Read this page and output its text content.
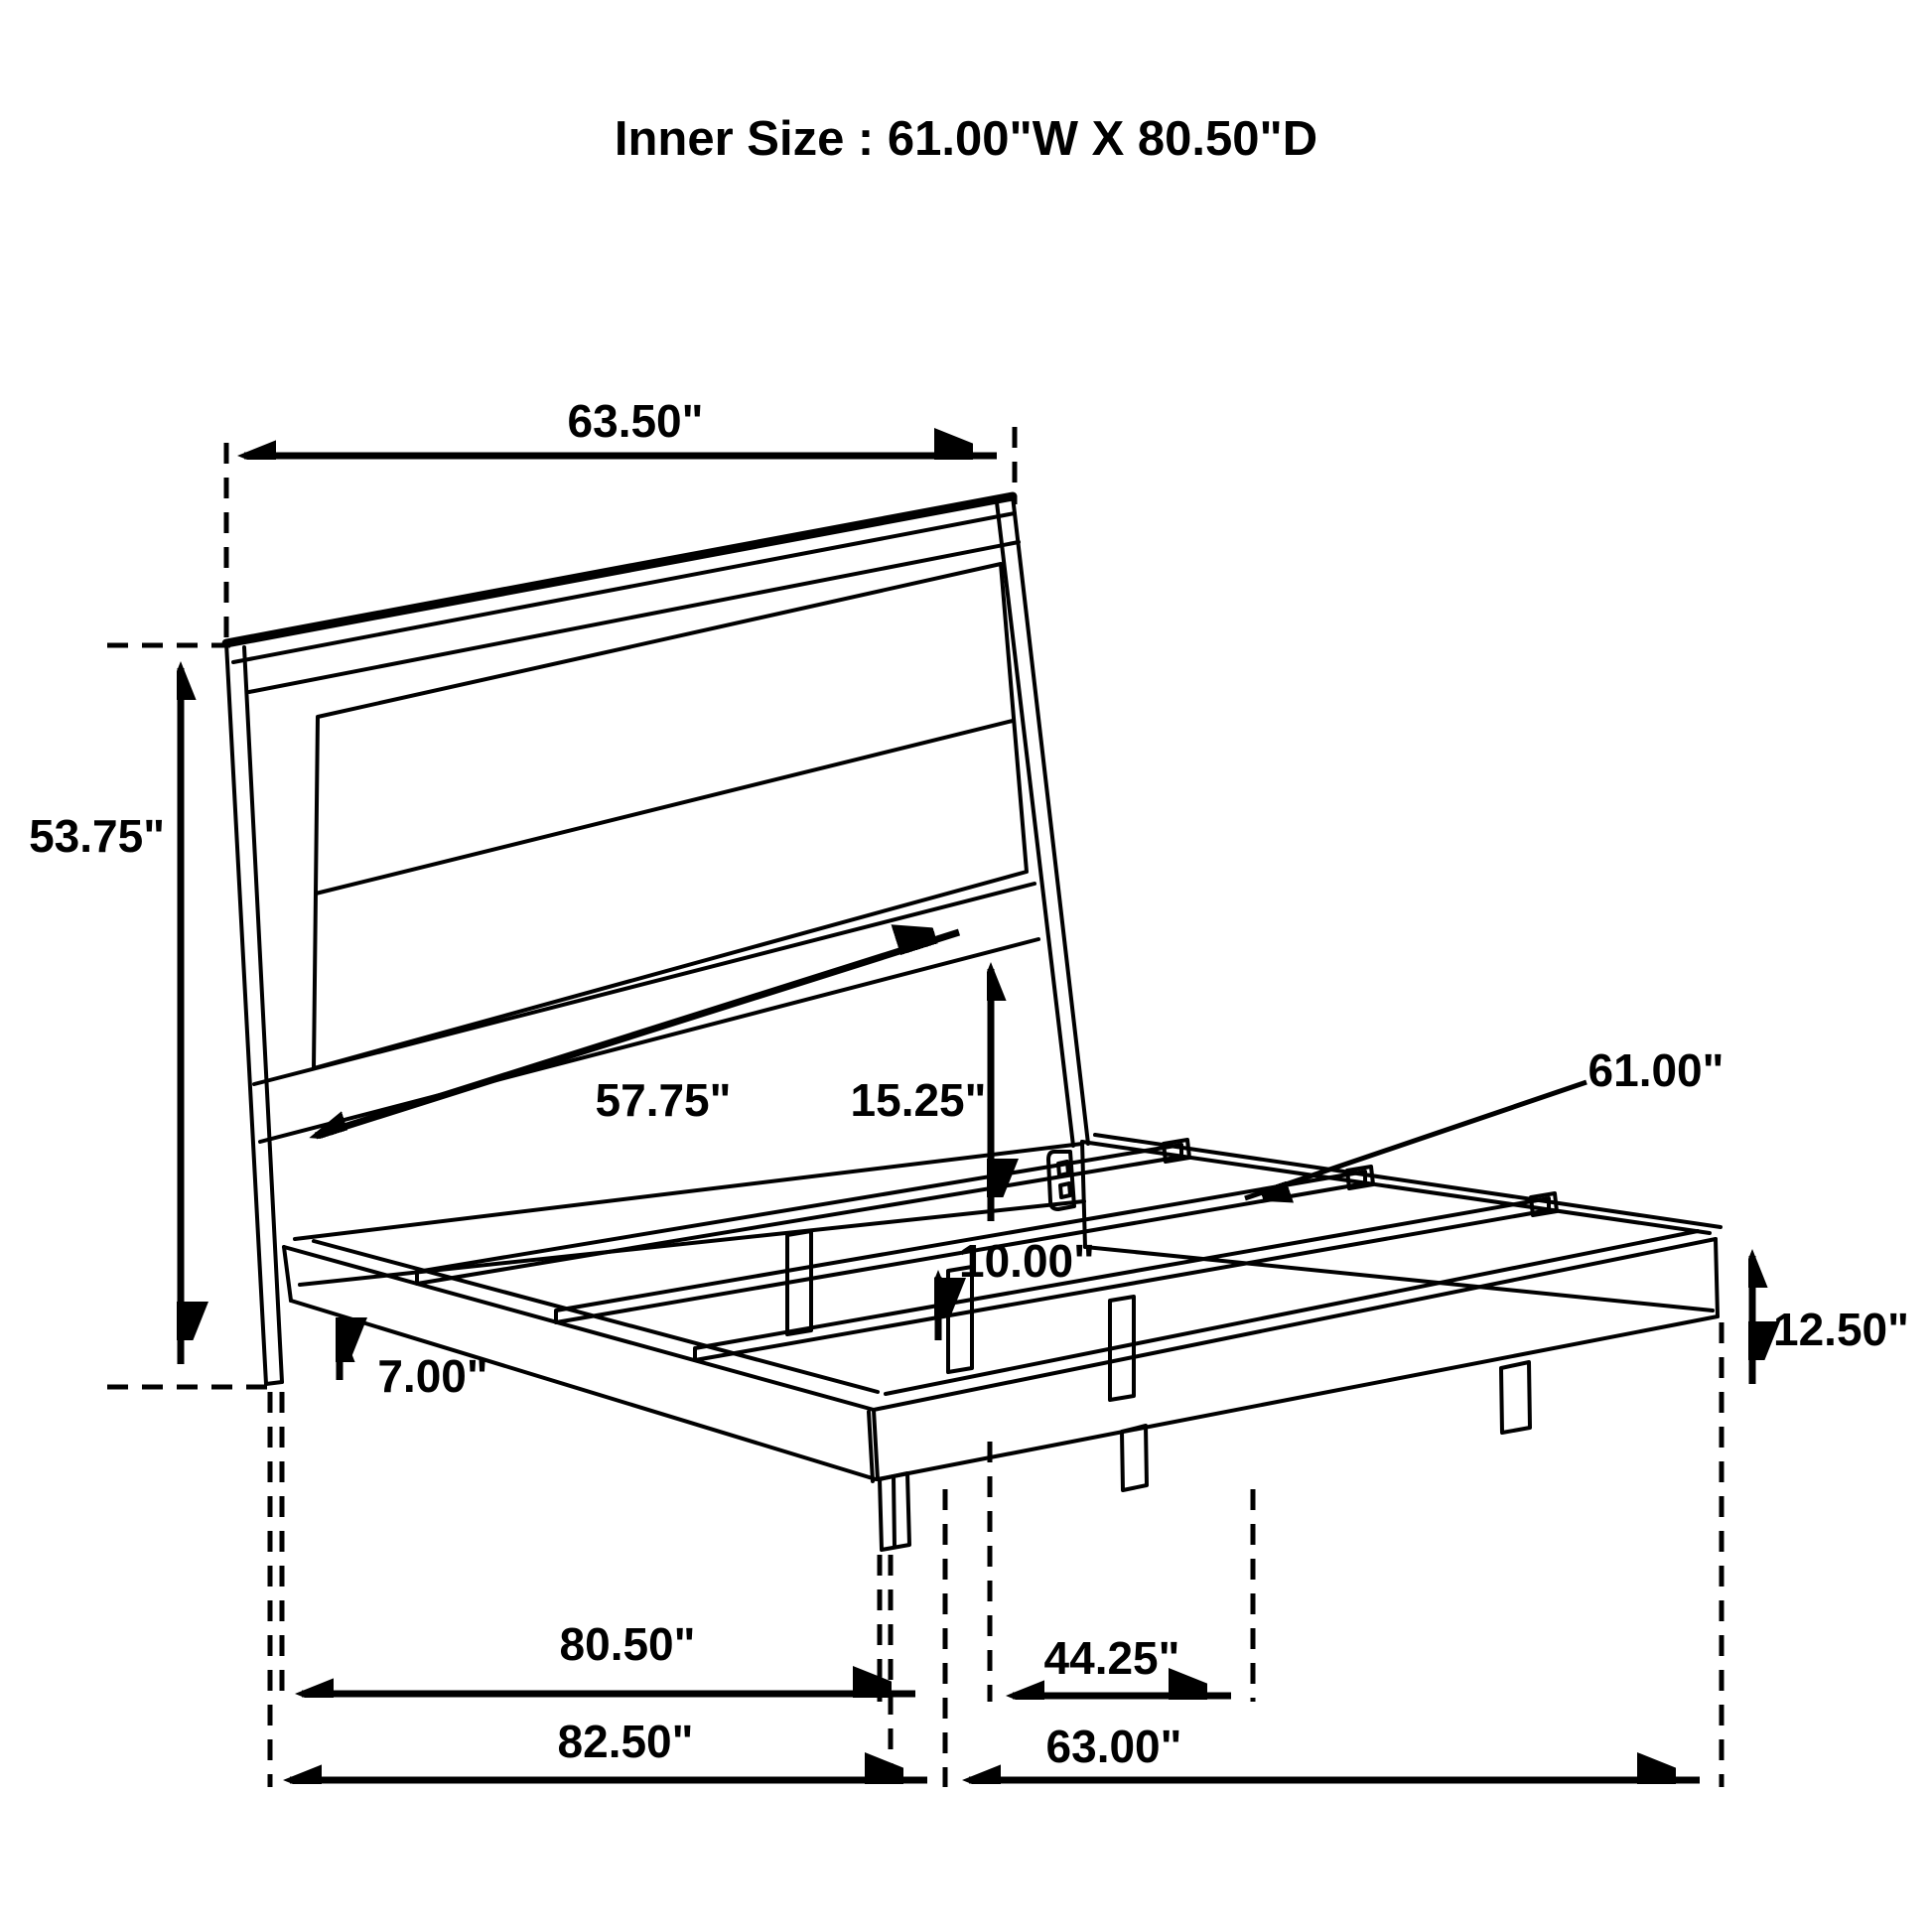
Inner Size : 61.00"W X 80.50"D
63.50"
53.75"
57.75"	15.25"
61.00"
10.00"
7.00"
12.50"
80.50"	44.25"
82.50"	63.00"
